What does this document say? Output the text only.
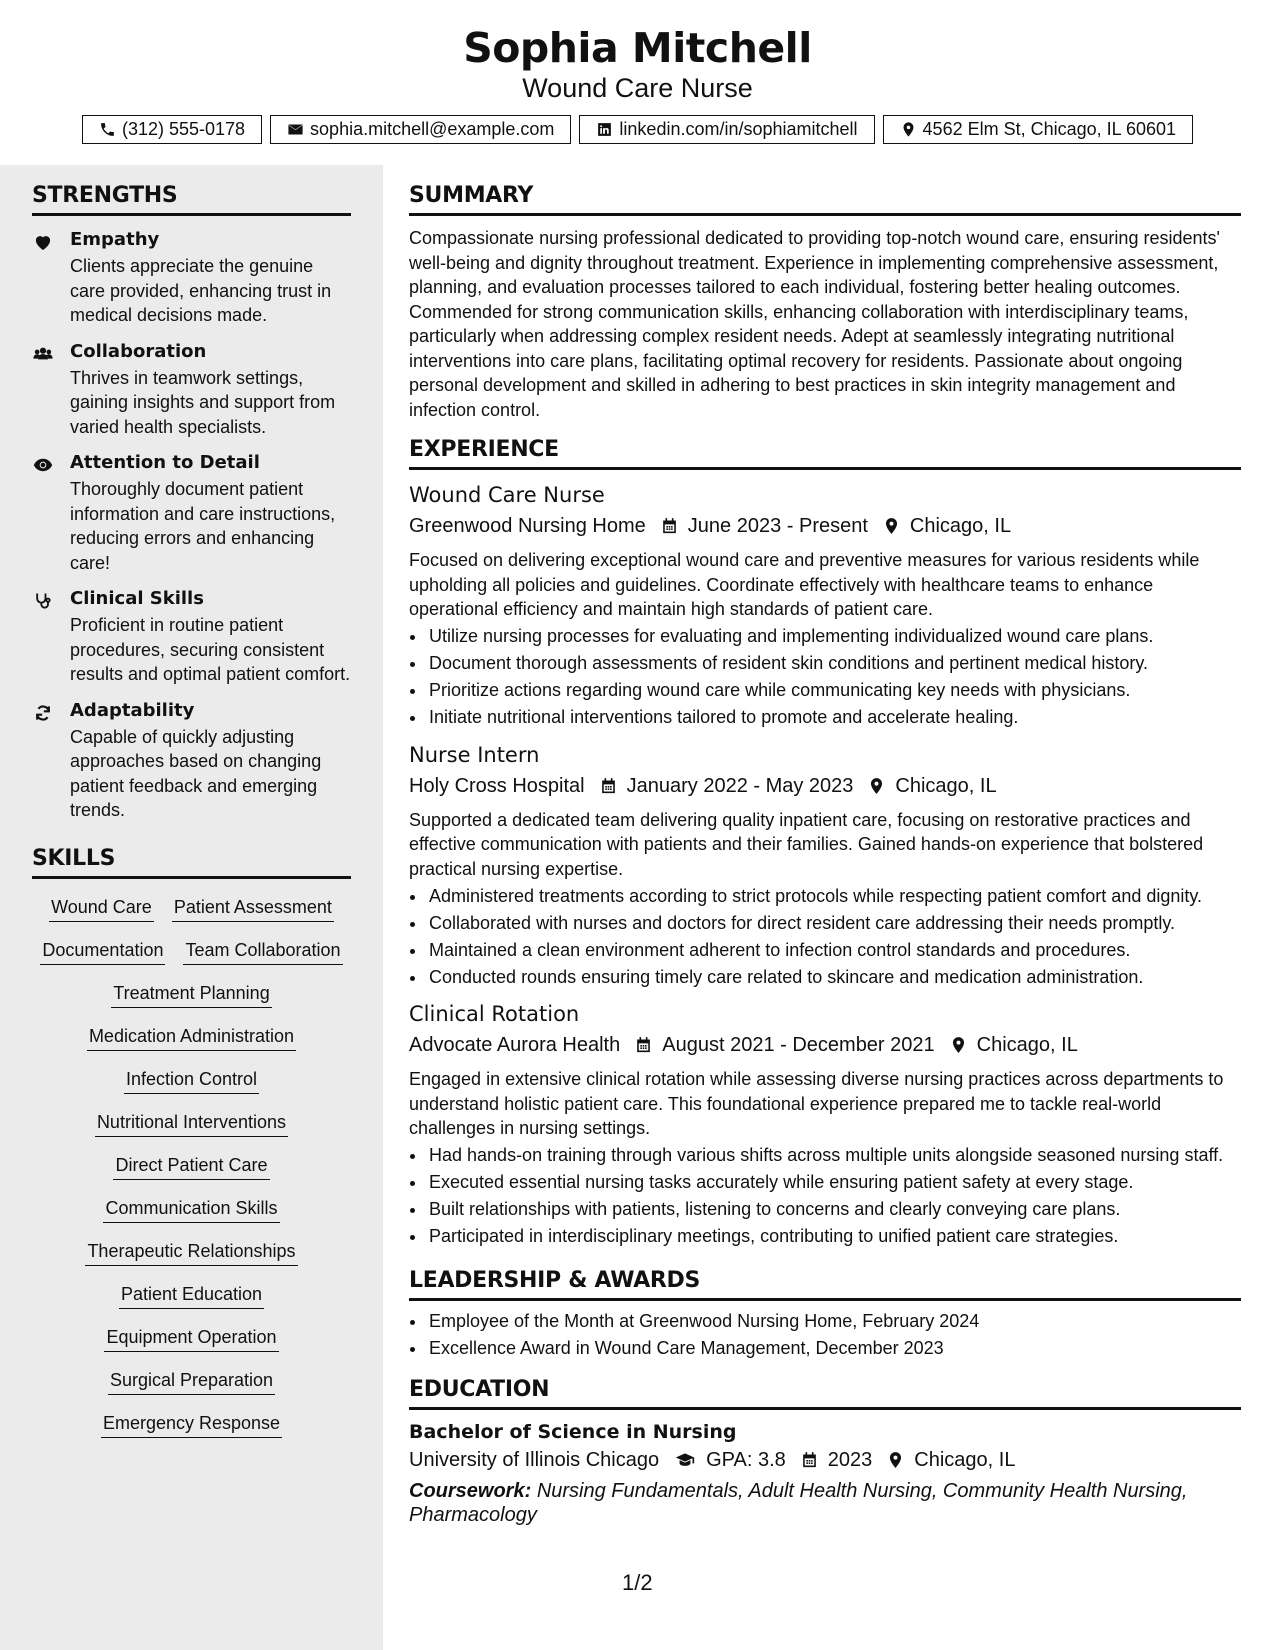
Sophia Mitchell
Wound Care Nurse
(312) 555-0178	sophia.mitchell@example.com	linkedin.com/in/sophiamitchell	4562 Elm St, Chicago, IL 60601
STRENGTHS
Empathy
Clients appreciate the genuine care provided, enhancing trust in medical decisions made.
Collaboration
Thrives in teamwork settings, gaining insights and support from varied health specialists.
Attention to Detail
Thoroughly document patient information and care instructions, reducing errors and enhancing care!
Clinical Skills
Proficient in routine patient procedures, securing consistent results and optimal patient comfort.
Adaptability
Capable of quickly adjusting approaches based on changing patient feedback and emerging trends.
SKILLS
Wound Care Patient Assessment
Documentation Team Collaboration
Treatment Planning
Medication Administration
Infection Control
Nutritional Interventions
Direct Patient Care
Communication Skills
Therapeutic Relationships
Patient Education
Equipment Operation
Surgical Preparation
Emergency Response
SUMMARY
Compassionate nursing professional dedicated to providing top-notch wound care, ensuring residents' well-being and dignity throughout treatment. Experience in implementing comprehensive assessment, planning, and evaluation processes tailored to each individual, fostering better healing outcomes. Commended for strong communication skills, enhancing collaboration with interdisciplinary teams, particularly when addressing complex resident needs. Adept at seamlessly integrating nutritional interventions into care plans, facilitating optimal recovery for residents. Passionate about ongoing personal development and skilled in adhering to best practices in skin integrity management and infection control.
EXPERIENCE
Wound Care Nurse
Greenwood Nursing Home June 2023 - Present Chicago, IL
Focused on delivering exceptional wound care and preventive measures for various residents while upholding all policies and guidelines. Coordinate effectively with healthcare teams to enhance operational efficiency and maintain high standards of patient care.
• Utilize nursing processes for evaluating and implementing individualized wound care plans.
• Document thorough assessments of resident skin conditions and pertinent medical history.
• Prioritize actions regarding wound care while communicating key needs with physicians.
• Initiate nutritional interventions tailored to promote and accelerate healing.
Nurse Intern
Holy Cross Hospital January 2022 - May 2023 Chicago, IL
Supported a dedicated team delivering quality inpatient care, focusing on restorative practices and effective communication with patients and their families. Gained hands-on experience that bolstered practical nursing expertise.
• Administered treatments according to strict protocols while respecting patient comfort and dignity.
• Collaborated with nurses and doctors for direct resident care addressing their needs promptly.
• Maintained a clean environment adherent to infection control standards and procedures.
• Conducted rounds ensuring timely care related to skincare and medication administration.
Clinical Rotation
Advocate Aurora Health August 2021 - December 2021 Chicago, IL
Engaged in extensive clinical rotation while assessing diverse nursing practices across departments to understand holistic patient care. This foundational experience prepared me to tackle real-world challenges in nursing settings.
• Had hands-on training through various shifts across multiple units alongside seasoned nursing staff.
• Executed essential nursing tasks accurately while ensuring patient safety at every stage.
• Built relationships with patients, listening to concerns and clearly conveying care plans.
• Participated in interdisciplinary meetings, contributing to unified patient care strategies.
LEADERSHIP & AWARDS
• Employee of the Month at Greenwood Nursing Home, February 2024
• Excellence Award in Wound Care Management, December 2023
EDUCATION
Bachelor of Science in Nursing
University of Illinois Chicago GPA: 3.8 2023 Chicago, IL
Coursework: Nursing Fundamentals, Adult Health Nursing, Community Health Nursing, Pharmacology
1/2
